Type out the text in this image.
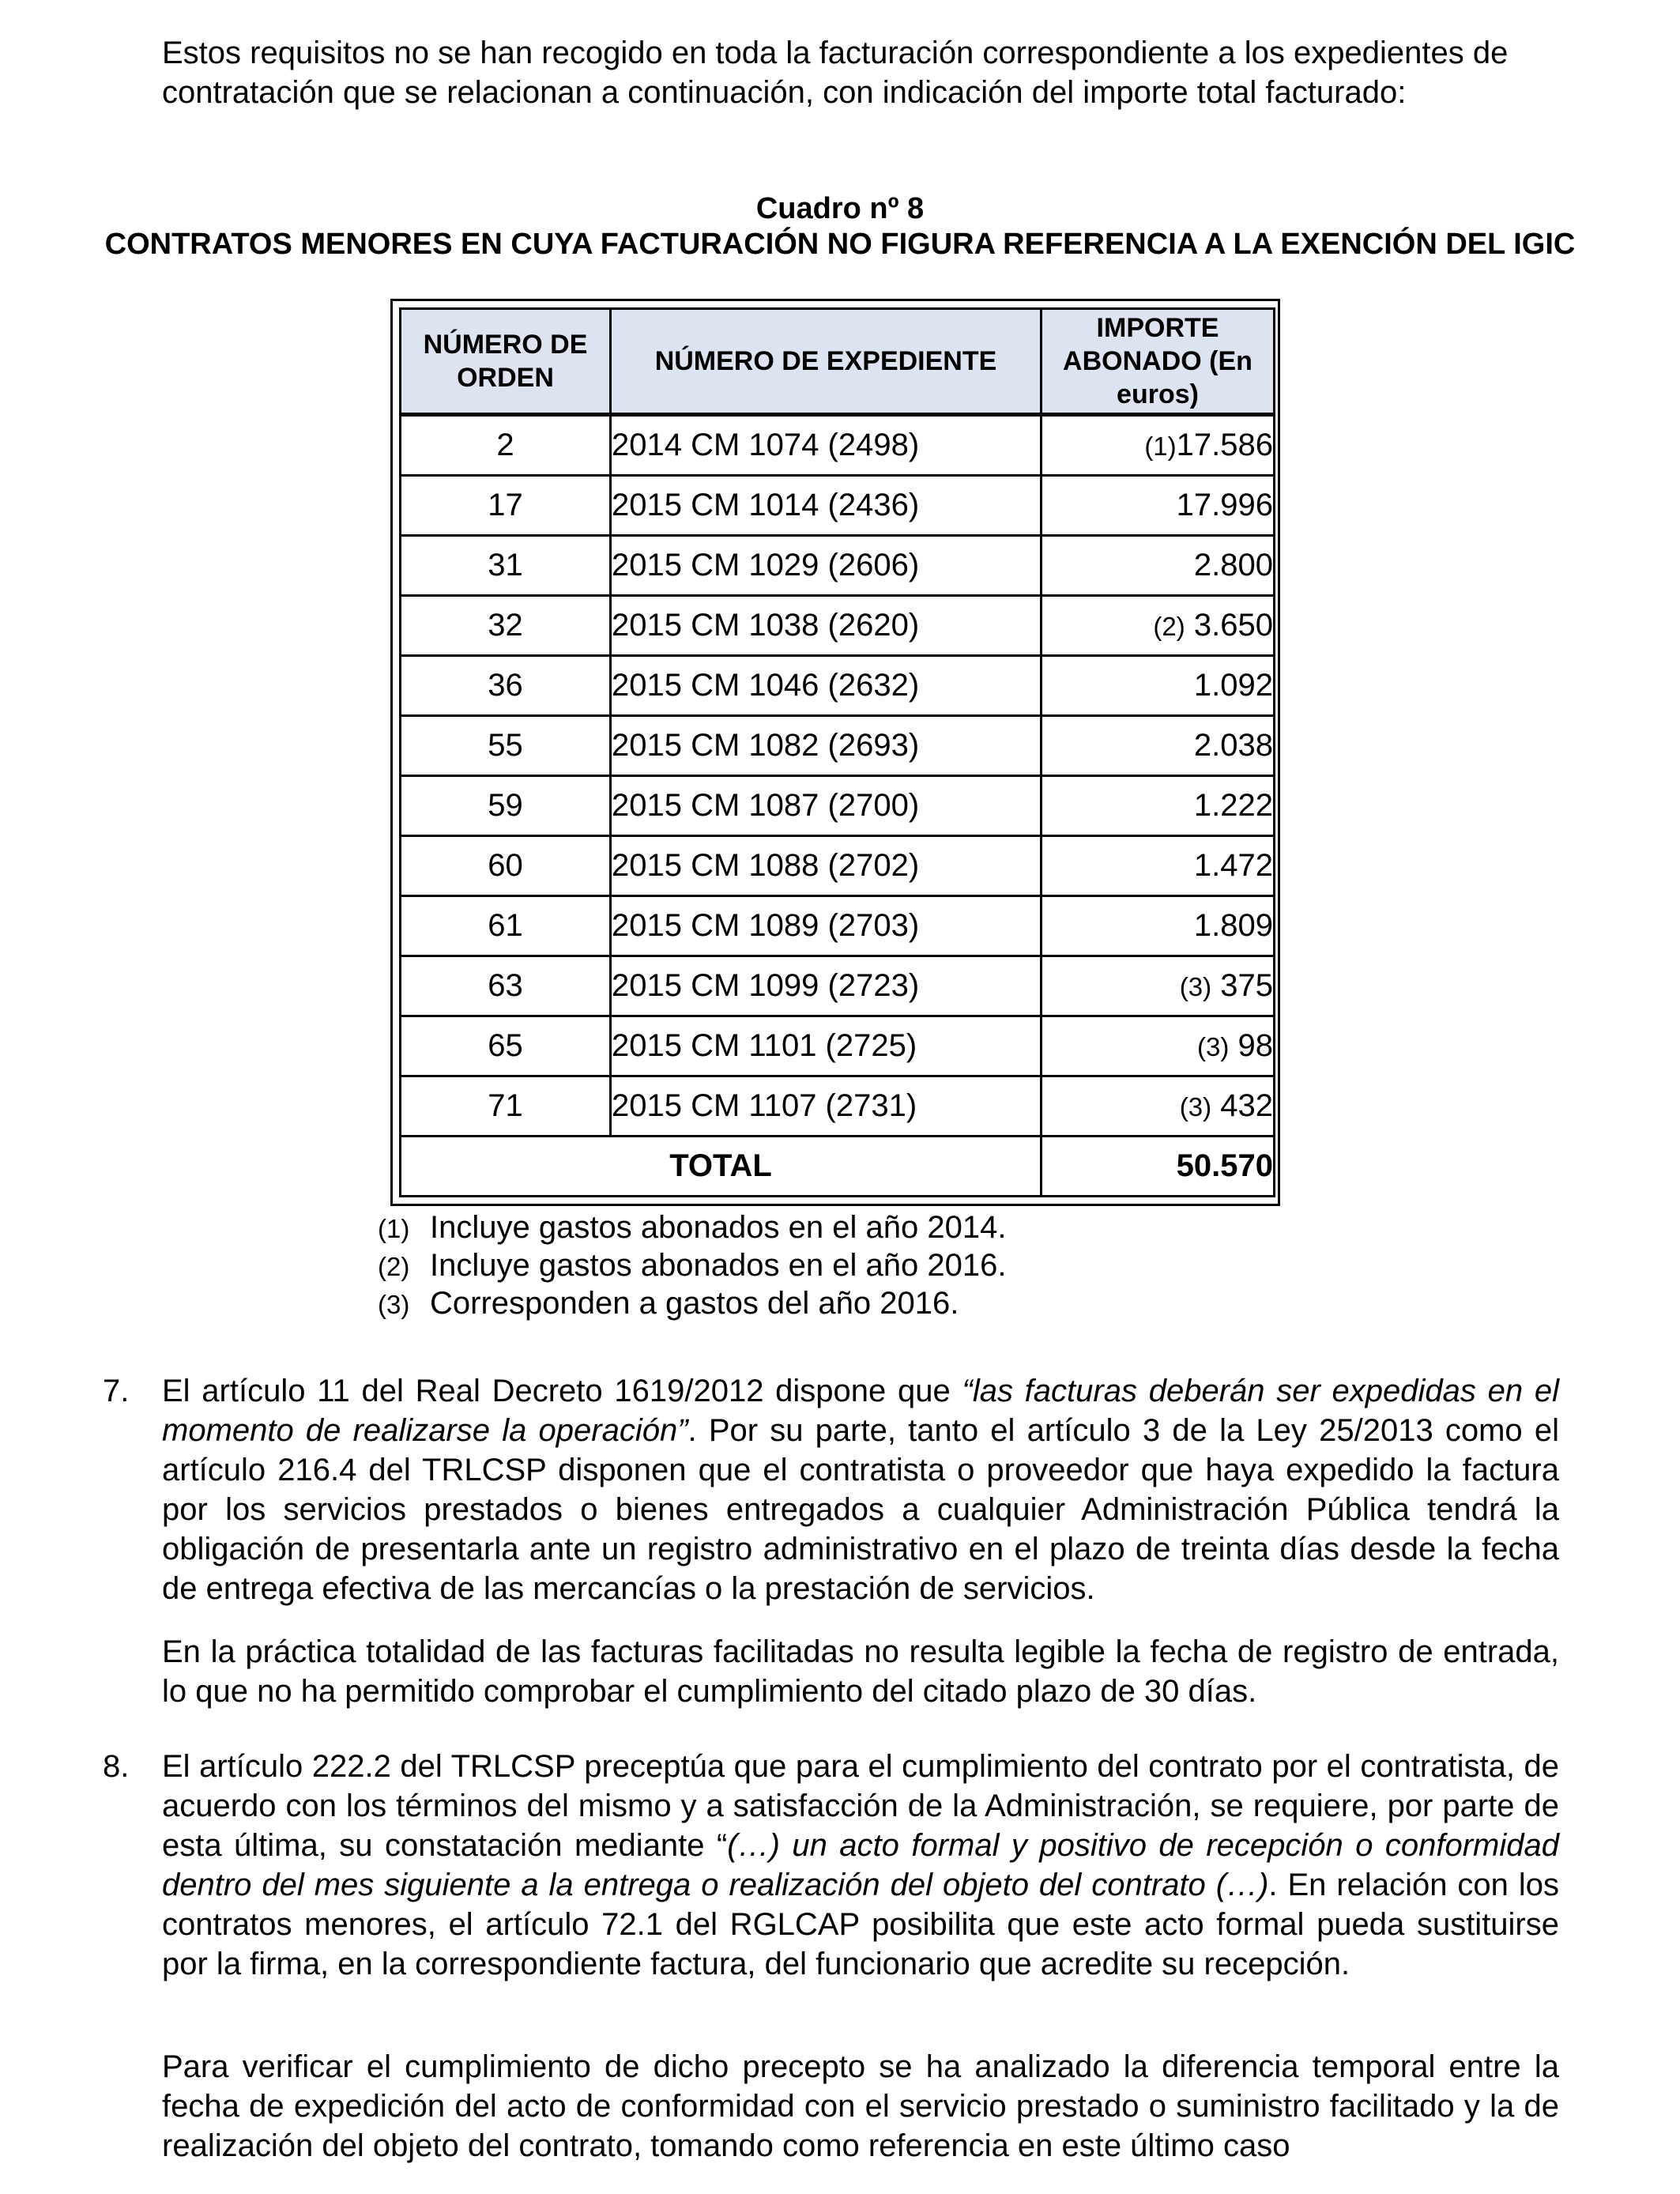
Estos requisitos no se han recogido en toda la facturación correspondiente a los expedientes de contratación que se relacionan a continuación, con indicación del importe total facturado:
Cuadro nº 8
CONTRATOS MENORES EN CUYA FACTURACIÓN NO FIGURA REFERENCIA A LA EXENCIÓN DEL IGIC
NÚMERO DE ORDEN	NÚMERO DE EXPEDIENTE	IMPORTE ABONADO (En euros)
2	2014 CM 1074 (2498)	(1)17.586
17	2015 CM 1014 (2436)	17.996
31	2015 CM 1029 (2606)	2.800
32	2015 CM 1038 (2620)	(2) 3.650
36	2015 CM 1046 (2632)	1.092
55	2015 CM 1082 (2693)	2.038
59	2015 CM 1087 (2700)	1.222
60	2015 CM 1088 (2702)	1.472
61	2015 CM 1089 (2703)	1.809
63	2015 CM 1099 (2723)	(3) 375
65	2015 CM 1101 (2725)	(3) 98
71	2015 CM 1107 (2731)	(3) 432
TOTAL		50.570
(1) Incluye gastos abonados en el año 2014.
(2) Incluye gastos abonados en el año 2016.
(3) Corresponden a gastos del año 2016.
7. El artículo 11 del Real Decreto 1619/2012 dispone que “las facturas deberán ser expedidas en el momento de realizarse la operación”. Por su parte, tanto el artículo 3 de la Ley 25/2013 como el artículo 216.4 del TRLCSP disponen que el contratista o proveedor que haya expedido la factura por los servicios prestados o bienes entregados a cualquier Administración Pública tendrá la obligación de presentarla ante un registro administrativo en el plazo de treinta días desde la fecha de entrega efectiva de las mercancías o la prestación de servicios.
En la práctica totalidad de las facturas facilitadas no resulta legible la fecha de registro de entrada, lo que no ha permitido comprobar el cumplimiento del citado plazo de 30 días.
8. El artículo 222.2 del TRLCSP preceptúa que para el cumplimiento del contrato por el contratista, de acuerdo con los términos del mismo y a satisfacción de la Administración, se requiere, por parte de esta última, su constatación mediante “(…) un acto formal y positivo de recepción o conformidad dentro del mes siguiente a la entrega o realización del objeto del contrato (…). En relación con los contratos menores, el artículo 72.1 del RGLCAP posibilita que este acto formal pueda sustituirse por la firma, en la correspondiente factura, del funcionario que acredite su recepción.
Para verificar el cumplimiento de dicho precepto se ha analizado la diferencia temporal entre la fecha de expedición del acto de conformidad con el servicio prestado o suministro facilitado y la de realización del objeto del contrato, tomando como referencia en este último caso
